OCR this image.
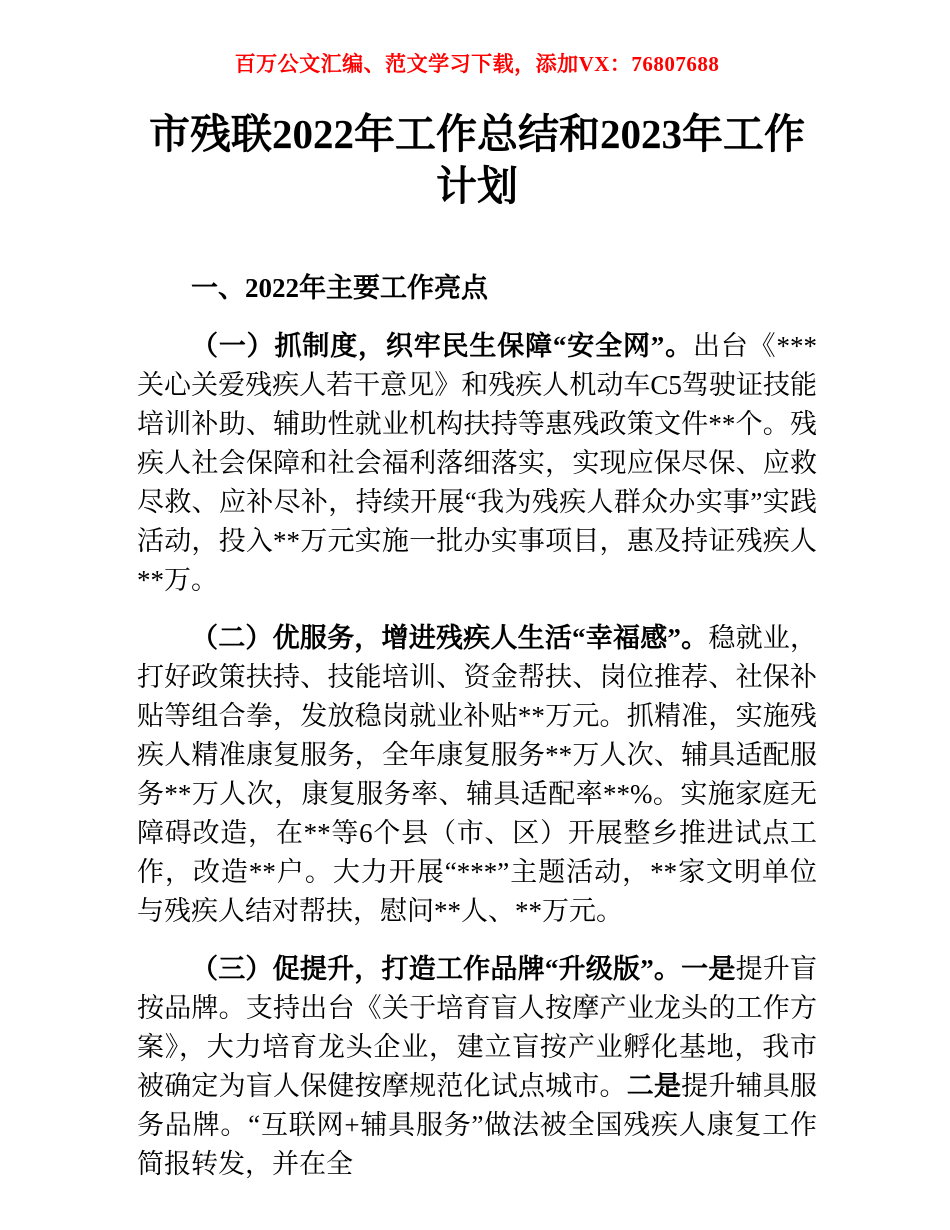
百万公文汇编、范文学习下载，添加VX：76807688
市残联2022年工作总结和2023年工作计划

一、2022年主要工作亮点

（一）抓制度，织牢民生保障“安全网”。出台《***关心关爱残疾人若干意见》和残疾人机动车C5驾驶证技能培训补助、辅助性就业机构扶持等惠残政策文件**个。残疾人社会保障和社会福利落细落实，实现应保尽保、应救尽救、应补尽补，持续开展“我为残疾人群众办实事”实践活动，投入**万元实施一批办实事项目，惠及持证残疾人**万。

（二）优服务，增进残疾人生活“幸福感”。稳就业，打好政策扶持、技能培训、资金帮扶、岗位推荐、社保补贴等组合拳，发放稳岗就业补贴**万元。抓精准，实施残疾人精准康复服务，全年康复服务**万人次、辅具适配服务**万人次，康复服务率、辅具适配率**%。实施家庭无障碍改造，在**等6个县（市、区）开展整乡推进试点工作，改造**户。大力开展“***”主题活动，**家文明单位与残疾人结对帮扶，慰问**人、**万元。

（三）促提升，打造工作品牌“升级版”。一是提升盲按品牌。支持出台《关于培育盲人按摩产业龙头的工作方案》，大力培育龙头企业，建立盲按产业孵化基地，我市被确定为盲人保健按摩规范化试点城市。二是提升辅具服务品牌。“互联网+辅具服务”做法被全国残疾人康复工作简报转发，并在全
